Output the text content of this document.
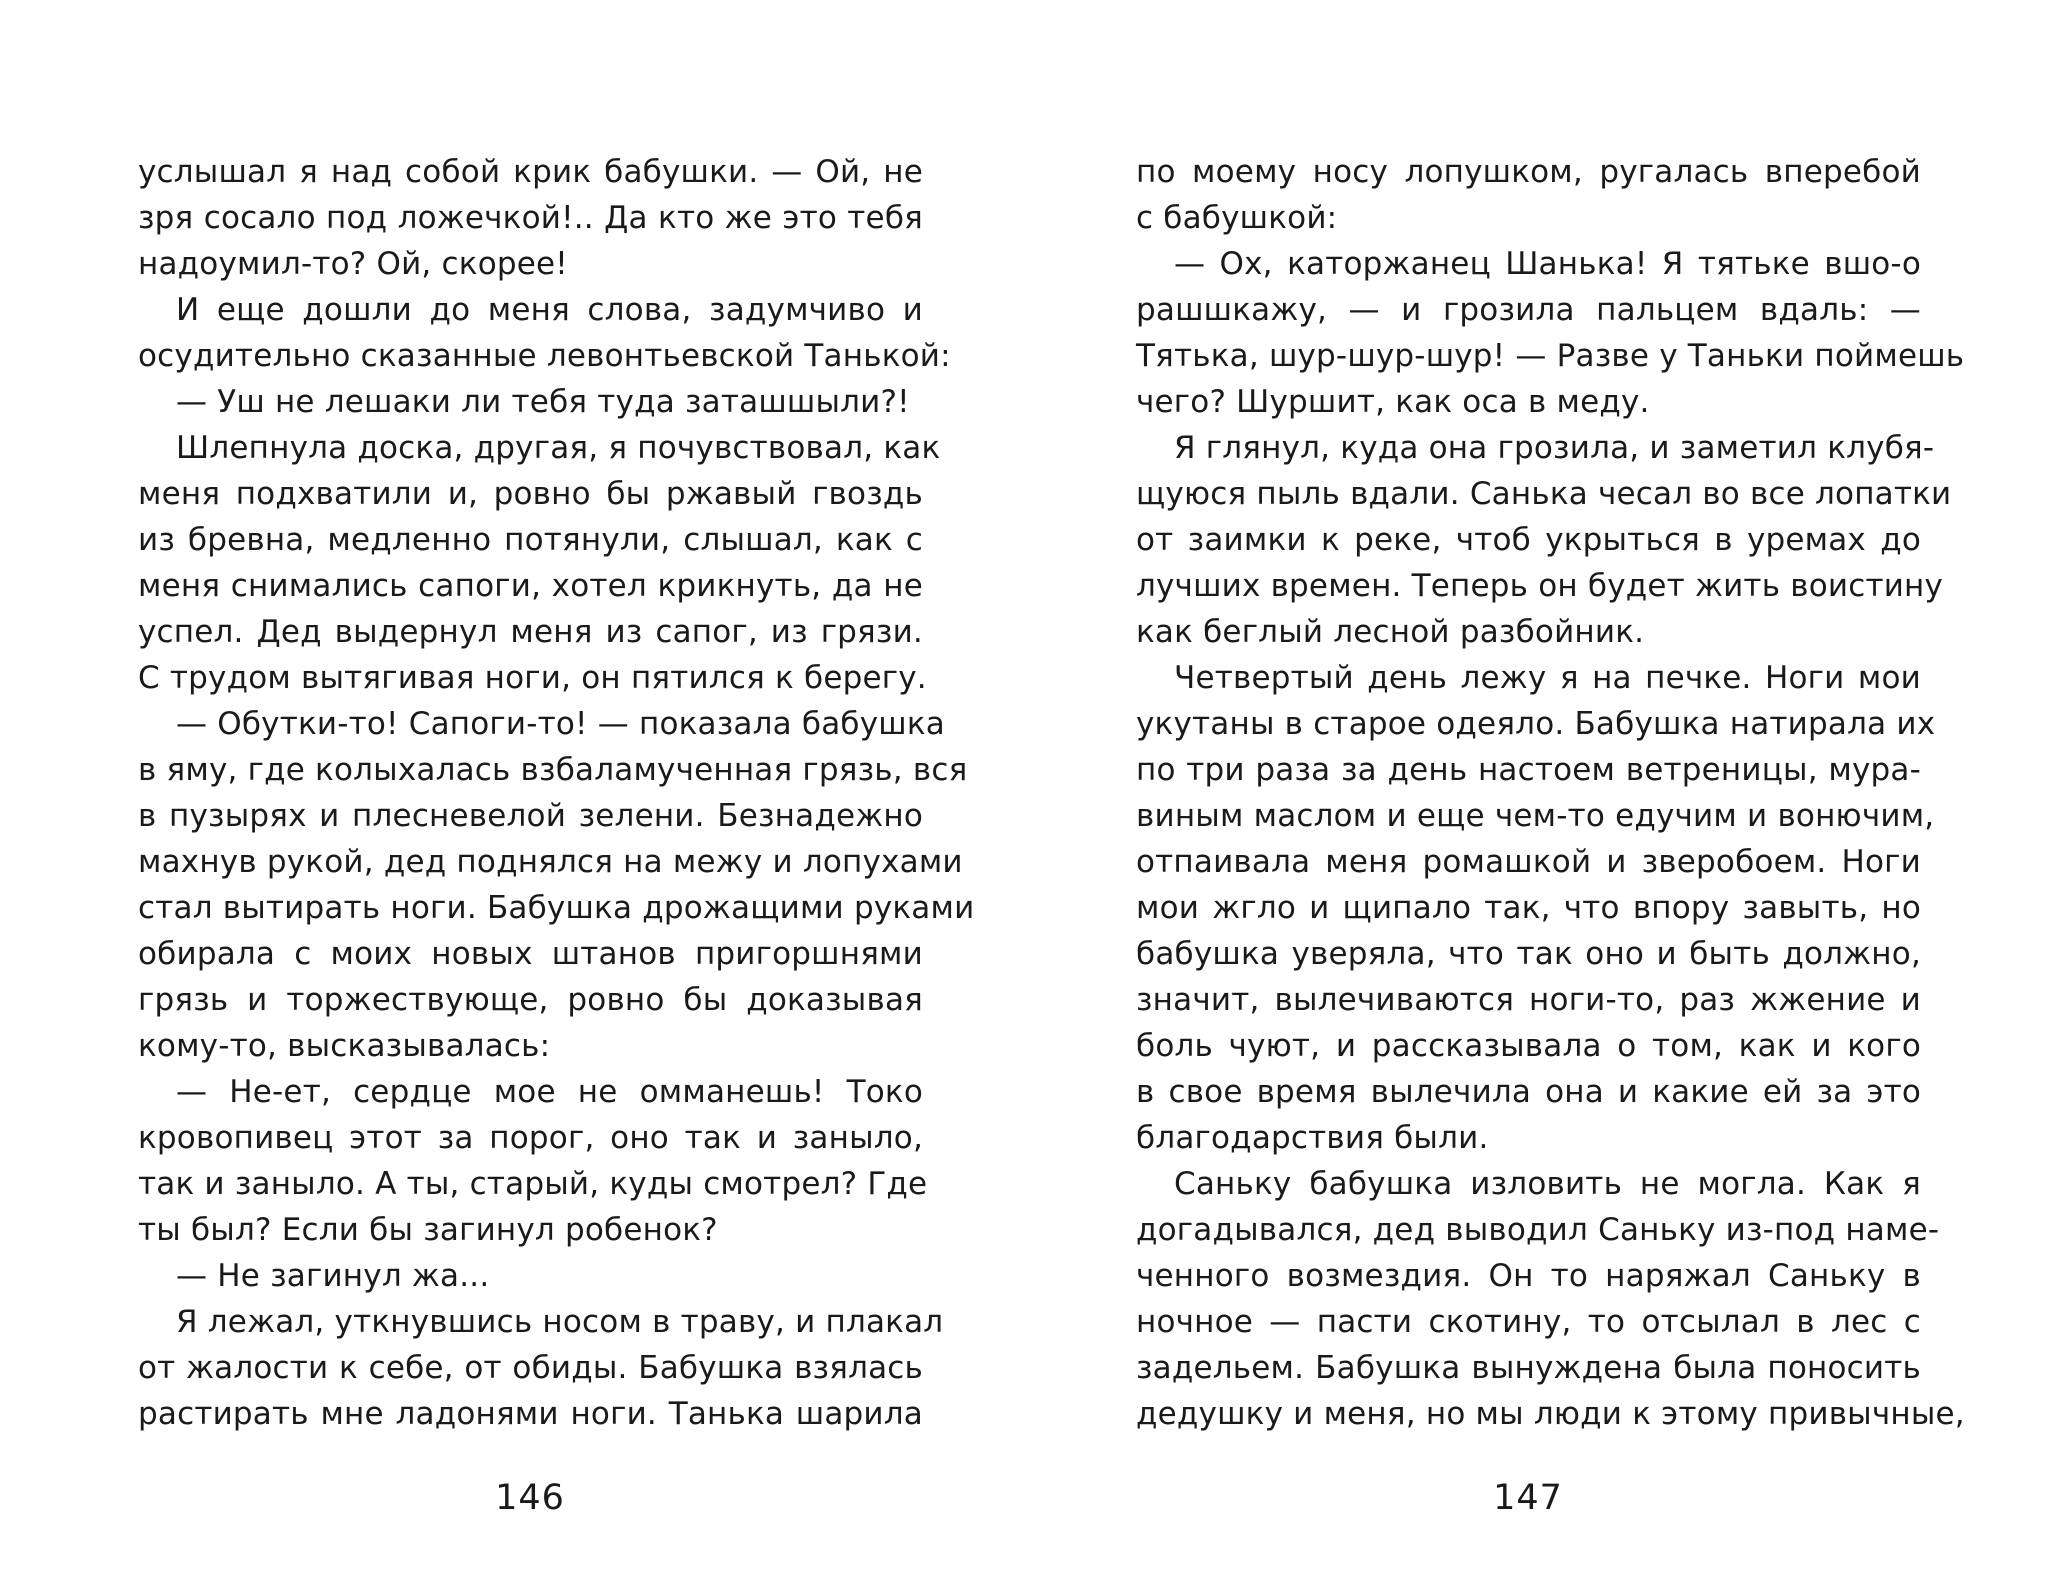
услышал я над собой крик бабушки. — Ой, не
зря сосало под ложечкой!.. Да кто же это тебя
надоумил-то? Ой, скорее!
И еще дошли до меня слова, задумчиво и
осудительно сказанные левонтьевской Танькой:
— Уш не лешаки ли тебя туда заташшыли?!
Шлепнула доска, другая, я почувствовал, как
меня подхватили и, ровно бы ржавый гвоздь
из бревна, медленно потянули, слышал, как с
меня снимались сапоги, хотел крикнуть, да не
успел. Дед выдернул меня из сапог, из грязи.
С трудом вытягивая ноги, он пятился к берегу.
— Обутки-то! Сапоги-то! — показала бабушка
в яму, где колыхалась взбаламученная грязь, вся
в пузырях и плесневелой зелени. Безнадежно
махнув рукой, дед поднялся на межу и лопухами
стал вытирать ноги. Бабушка дрожащими руками
обирала с моих новых штанов пригоршнями
грязь и торжествующе, ровно бы доказывая
кому-то, высказывалась:
— Не-ет, сердце мое не омманешь! Токо
кровопивец этот за порог, оно так и заныло,
так и заныло. А ты, старый, куды смотрел? Где
ты был? Если бы загинул робенок?
— Не загинул жа...
Я лежал, уткнувшись носом в траву, и плакал
от жалости к себе, от обиды. Бабушка взялась
растирать мне ладонями ноги. Танька шарила
146
по моему носу лопушком, ругалась вперебой
с бабушкой:
— Ох, каторжанец Шанька! Я тятьке вшо-о
рашшкажу, — и грозила пальцем вдаль: —
Тятька, шур-шур-шур! — Разве у Таньки поймешь
чего? Шуршит, как оса в меду.
Я глянул, куда она грозила, и заметил клубя-
щуюся пыль вдали. Санька чесал во все лопатки
от заимки к реке, чтоб укрыться в уремах до
лучших времен. Теперь он будет жить воистину
как беглый лесной разбойник.
Четвертый день лежу я на печке. Ноги мои
укутаны в старое одеяло. Бабушка натирала их
по три раза за день настоем ветреницы, мура-
виным маслом и еще чем-то едучим и вонючим,
отпаивала меня ромашкой и зверобоем. Ноги
мои жгло и щипало так, что впору завыть, но
бабушка уверяла, что так оно и быть должно,
значит, вылечиваются ноги-то, раз жжение и
боль чуют, и рассказывала о том, как и кого
в свое время вылечила она и какие ей за это
благодарствия были.
Саньку бабушка изловить не могла. Как я
догадывался, дед выводил Саньку из-под наме-
ченного возмездия. Он то наряжал Саньку в
ночное — пасти скотину, то отсылал в лес с
задельем. Бабушка вынуждена была поносить
дедушку и меня, но мы люди к этому привычные,
147
